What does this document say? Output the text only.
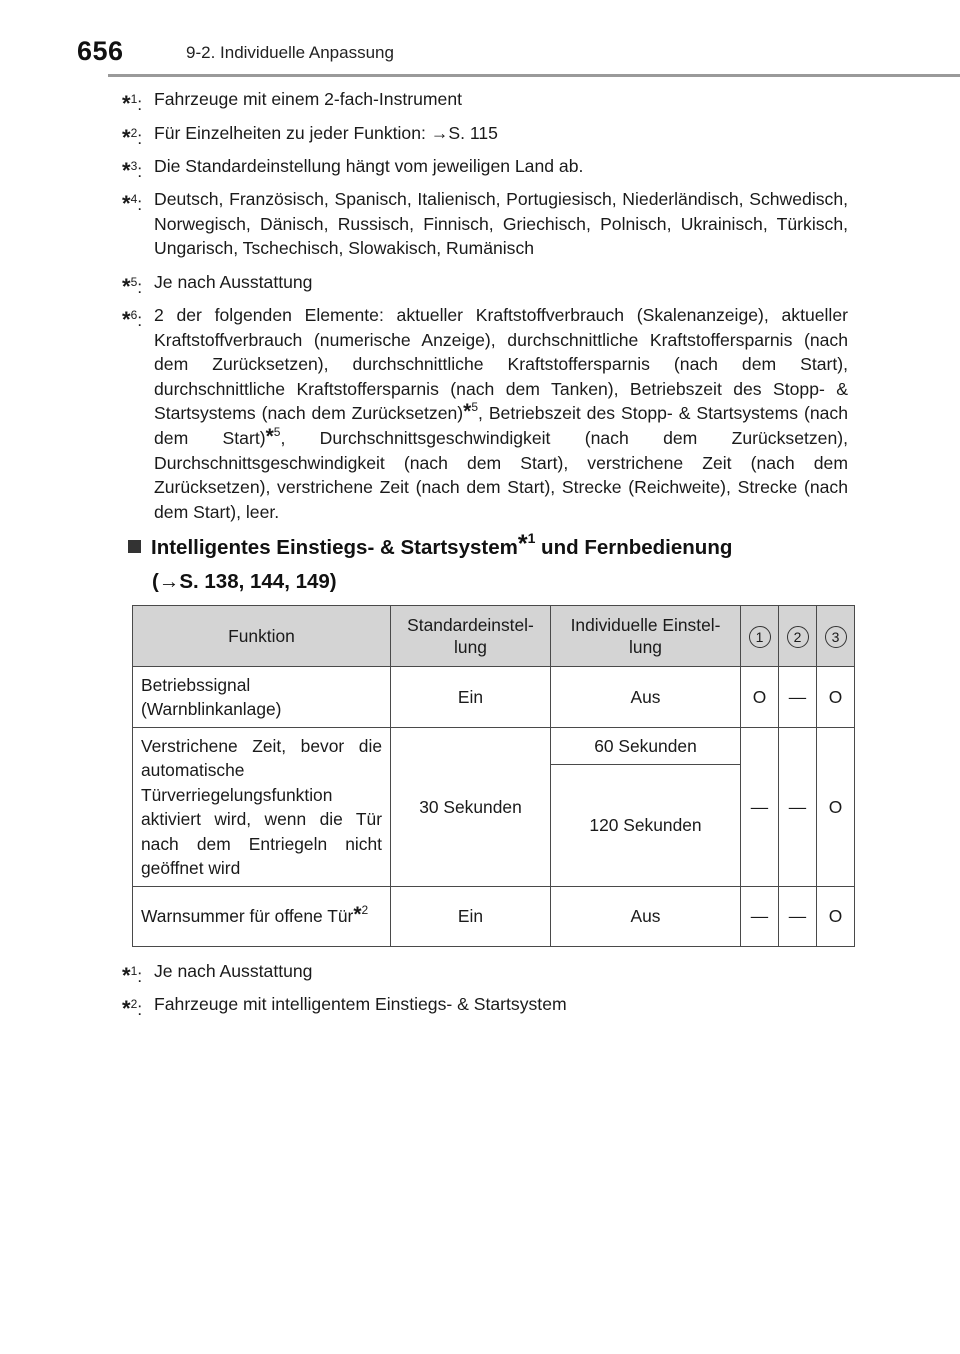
656	9-2. Individuelle Anpassung
*$^1$: Fahrzeuge mit einem 2-fach-Instrument
*$^2$: Für Einzelheiten zu jeder Funktion: →S. 115
*$^3$: Die Standardeinstellung hängt vom jeweiligen Land ab.
*$^4$: Deutsch, Französisch, Spanisch, Italienisch, Portugiesisch, Niederländisch, Schwedisch, Norwegisch, Dänisch, Russisch, Finnisch, Griechisch, Polnisch, Ukrainisch, Türkisch, Ungarisch, Tschechisch, Slowakisch, Rumänisch
*$^5$: Je nach Ausstattung
*$^6$: 2 der folgenden Elemente: aktueller Kraftstoffverbrauch (Skalenanzeige), aktueller Kraftstoffverbrauch (numerische Anzeige), durchschnittliche Kraftstoffersparnis (nach dem Zurücksetzen), durchschnittliche Kraftstoffersparnis (nach dem Start), durchschnittliche Kraftstoffersparnis (nach dem Tanken), Betriebszeit des Stopp- & Startsystems (nach dem Zurücksetzen)*$^5$, Betriebszeit des Stopp- & Startsystems (nach dem Start)*$^5$, Durchschnittsgeschwindigkeit (nach dem Zurücksetzen), Durchschnittsgeschwindigkeit (nach dem Start), verstrichene Zeit (nach dem Zurücksetzen), verstrichene Zeit (nach dem Start), Strecke (Reichweite), Strecke (nach dem Start), leer.
Intelligentes Einstiegs- & Startsystem*$^1$ und Fernbedienung
(→S. 138, 144, 149)
Funktion	Standardeinstel-lung	Individuelle Einstel-lung	1	2	3
Betriebssignal (Warnblinkanlage)	Ein	Aus	O	—	O
Verstrichene Zeit, bevor die automatische Türverriegelungsfunktion aktiviert wird, wenn die Tür nach dem Entriegeln nicht geöffnet wird	30 Sekunden	60 Sekunden	—	—	O
		120 Sekunden			
Warnsummer für offene Tür*$^2$	Ein	Aus	—	—	O
*$^1$: Je nach Ausstattung
*$^2$: Fahrzeuge mit intelligentem Einstiegs- & Startsystem
